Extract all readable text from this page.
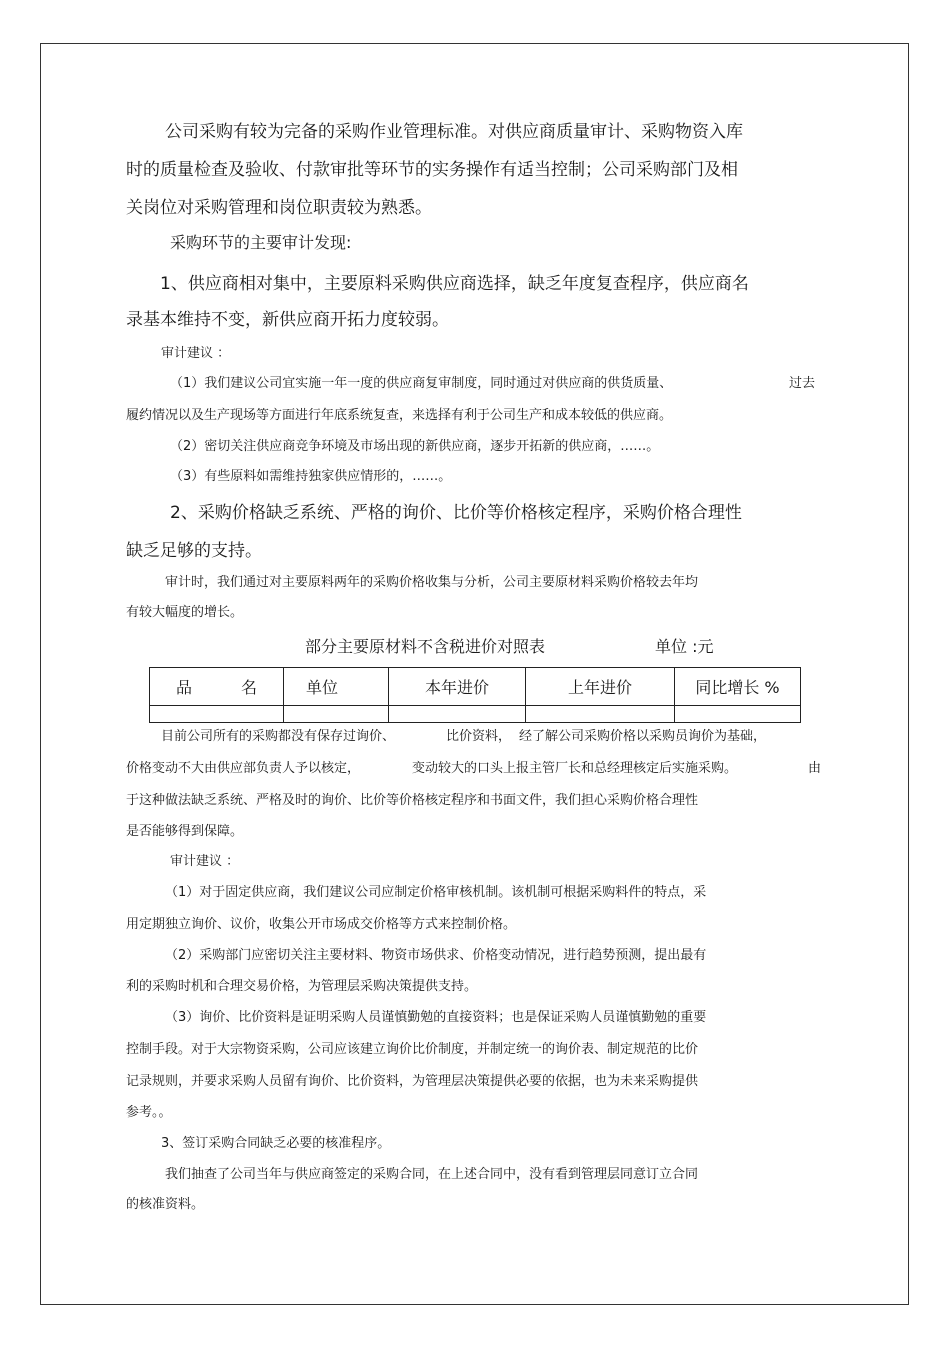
公司采购有较为完备的采购作业管理标准。对供应商质量审计、采购物资入库
时的质量检查及验收、付款审批等环节的实务操作有适当控制；公司采购部门及相
关岗位对采购管理和岗位职责较为熟悉。
采购环节的主要审计发现:
1、供应商相对集中，主要原料采购供应商选择，缺乏年度复查程序，供应商名
录基本维持不变，新供应商开拓力度较弱。
审计建议 ：
（1）我们建议公司宜实施一年一度的供应商复审制度，同时通过对供应商的供货质量、	过去
履约情况以及生产现场等方面进行年底系统复查，来选择有利于公司生产和成本较低的供应商。
（2）密切关注供应商竞争环境及市场出现的新供应商，逐步开拓新的供应商，……。
（3）有些原料如需维持独家供应情形的，……。
2、采购价格缺乏系统、严格的询价、比价等价格核定程序，采购价格合理性
缺乏足够的支持。
审计时，我们通过对主要原料两年的采购价格收集与分析，公司主要原材料采购价格较去年均
有较大幅度的增长。
部分主要原材料不含税进价对照表	单位 :元
品 名	单位	本年进价	上年进价	同比增长 %

目前公司所有的采购都没有保存过询价、	比价资料， 经了解公司采购价格以采购员询价为基础，
价格变动不大由供应部负责人予以核定，	变动较大的口头上报主管厂长和总经理核定后实施采购。	由
于这种做法缺乏系统、严格及时的询价、比价等价格核定程序和书面文件，我们担心采购价格合理性
是否能够得到保障。
审计建议 ：
（1）对于固定供应商，我们建议公司应制定价格审核机制。该机制可根据采购料件的特点，采
用定期独立询价、议价，收集公开市场成交价格等方式来控制价格。
（2）采购部门应密切关注主要材料、物资市场供求、价格变动情况，进行趋势预测，提出最有
利的采购时机和合理交易价格，为管理层采购决策提供支持。
（3）询价、比价资料是证明采购人员谨慎勤勉的直接资料；也是保证采购人员谨慎勤勉的重要
控制手段。对于大宗物资采购，公司应该建立询价比价制度，并制定统一的询价表、制定规范的比价
记录规则，并要求采购人员留有询价、比价资料，为管理层决策提供必要的依据，也为未来采购提供
参考。。
3、签订采购合同缺乏必要的核准程序。
我们抽查了公司当年与供应商签定的采购合同，在上述合同中，没有看到管理层同意订立合同
的核准资料。
